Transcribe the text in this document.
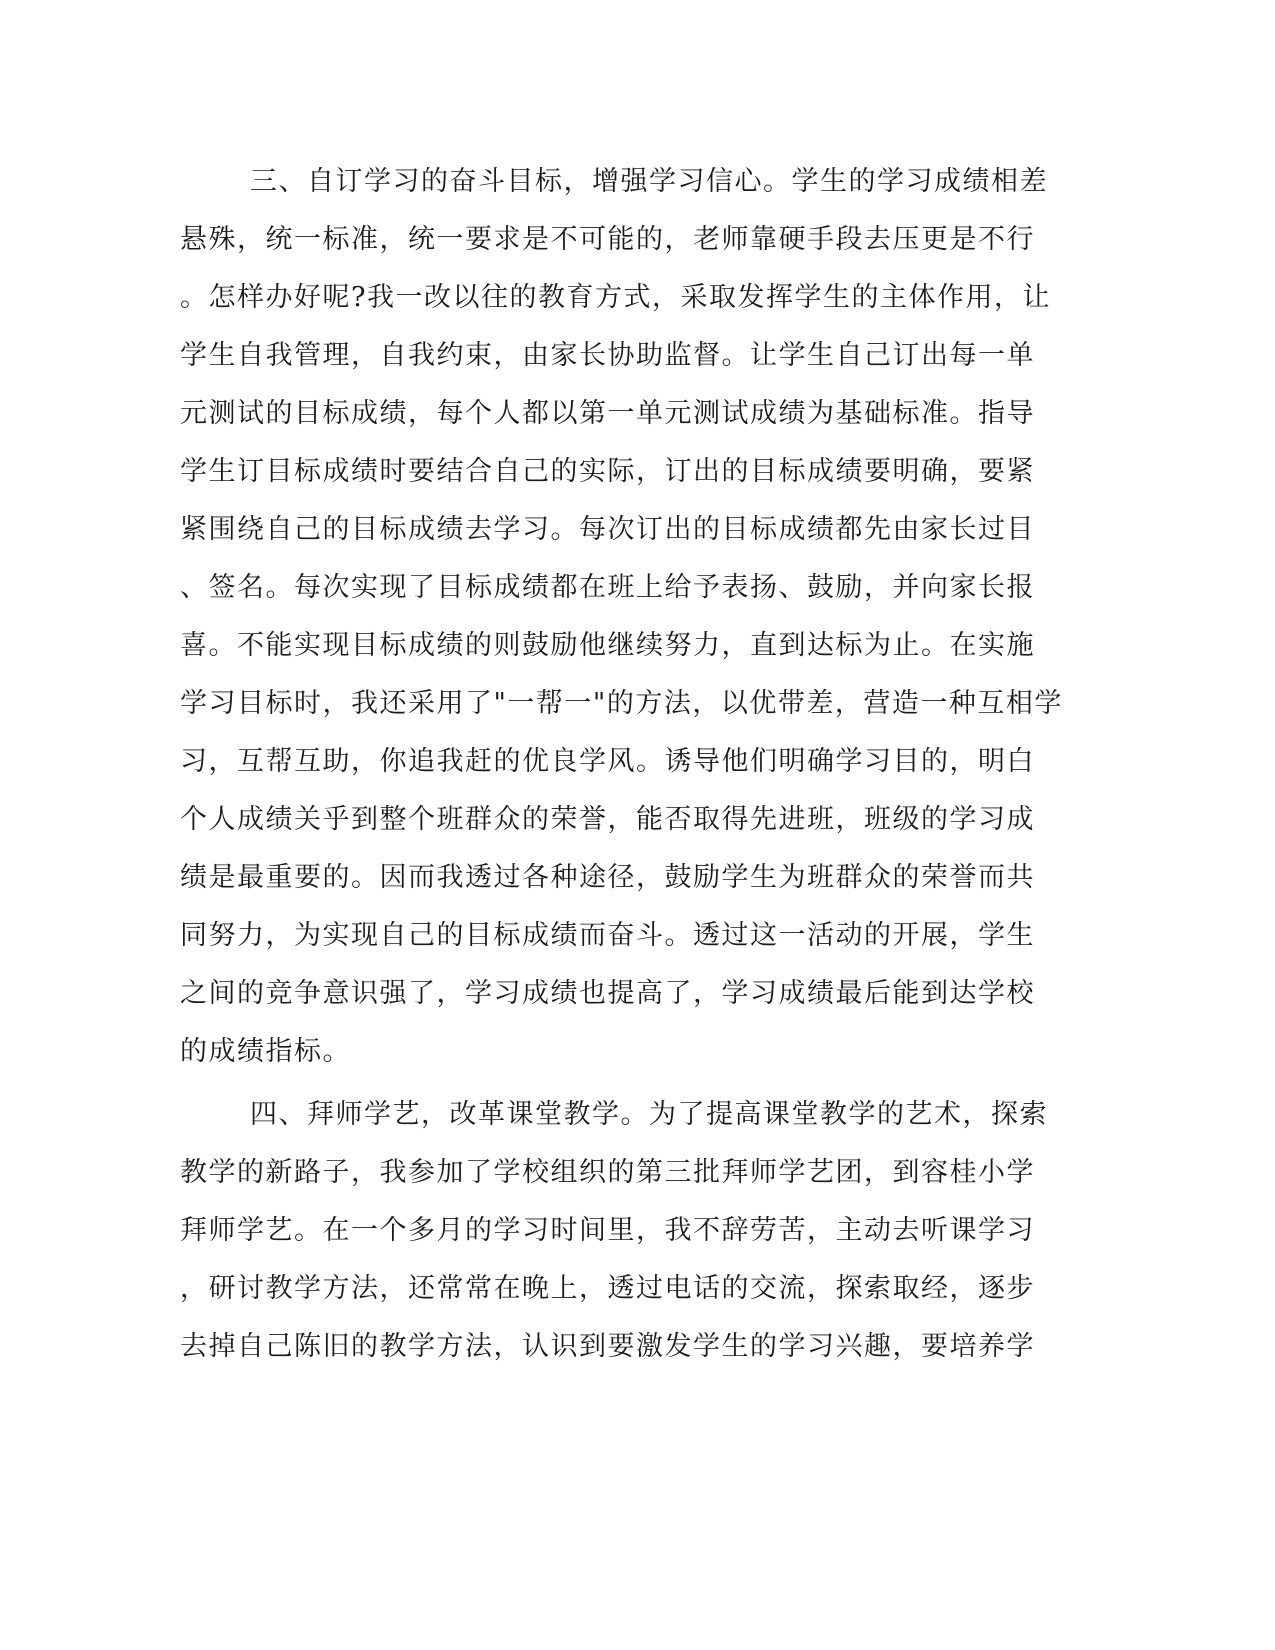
三、自订学习的奋斗目标，增强学习信心。学生的学习成绩相差
悬殊，统一标准，统一要求是不可能的，老师靠硬手段去压更是不行
。怎样办好呢?我一改以往的教育方式，采取发挥学生的主体作用，让
学生自我管理，自我约束，由家长协助监督。让学生自己订出每一单
元测试的目标成绩，每个人都以第一单元测试成绩为基础标准。指导
学生订目标成绩时要结合自己的实际，订出的目标成绩要明确，要紧
紧围绕自己的目标成绩去学习。每次订出的目标成绩都先由家长过目
、签名。每次实现了目标成绩都在班上给予表扬、鼓励，并向家长报
喜。不能实现目标成绩的则鼓励他继续努力，直到达标为止。在实施
学习目标时，我还采用了"一帮一"的方法，以优带差，营造一种互相学
习，互帮互助，你追我赶的优良学风。诱导他们明确学习目的，明白
个人成绩关乎到整个班群众的荣誉，能否取得先进班，班级的学习成
绩是最重要的。因而我透过各种途径，鼓励学生为班群众的荣誉而共
同努力，为实现自己的目标成绩而奋斗。透过这一活动的开展，学生
之间的竞争意识强了，学习成绩也提高了，学习成绩最后能到达学校
的成绩指标。
四、拜师学艺，改革课堂教学。为了提高课堂教学的艺术，探索
教学的新路子，我参加了学校组织的第三批拜师学艺团，到容桂小学
拜师学艺。在一个多月的学习时间里，我不辞劳苦，主动去听课学习
，研讨教学方法，还常常在晚上，透过电话的交流，探索取经，逐步
去掉自己陈旧的教学方法，认识到要激发学生的学习兴趣，要培养学
